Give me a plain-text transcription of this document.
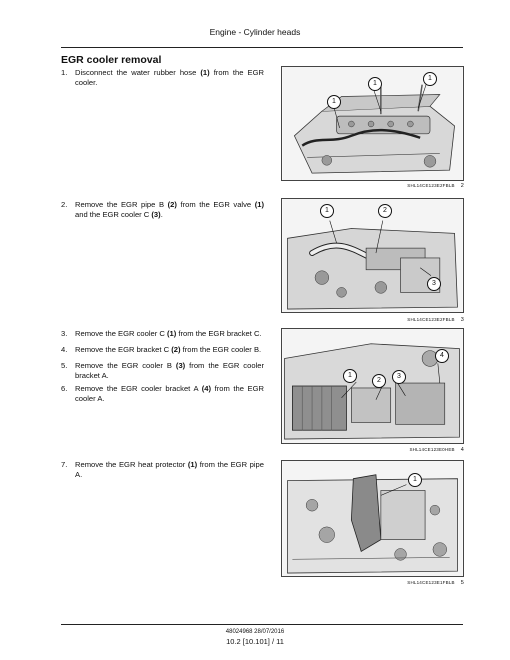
Engine - Cylinder heads
EGR cooler removal
1.	Disconnect the water rubber hose (1) from the EGR cooler.
2.	Remove the EGR pipe B (2) from the EGR valve (1) and the EGR cooler C (3).
3.	Remove the EGR cooler C (1) from the EGR bracket C.
4.	Remove the EGR bracket C (2) from the EGR cooler B.
5.	Remove the EGR cooler B (3) from the EGR cooler bracket A.
6.	Remove the EGR cooler bracket A (4) from the EGR cooler A.
7.	Remove the EGR heat protector (1) from the EGR pipe A.
1
1
1
SHL14CE123E2FBLB 2
1	2
3
SHL14CE123E2FBLB 3
1
2
3
4
SHL14CE123E0HEB 4
1
SHL14CE123E1FBLB 5
48024968 28/07/2016
10.2 [10.101] / 11
